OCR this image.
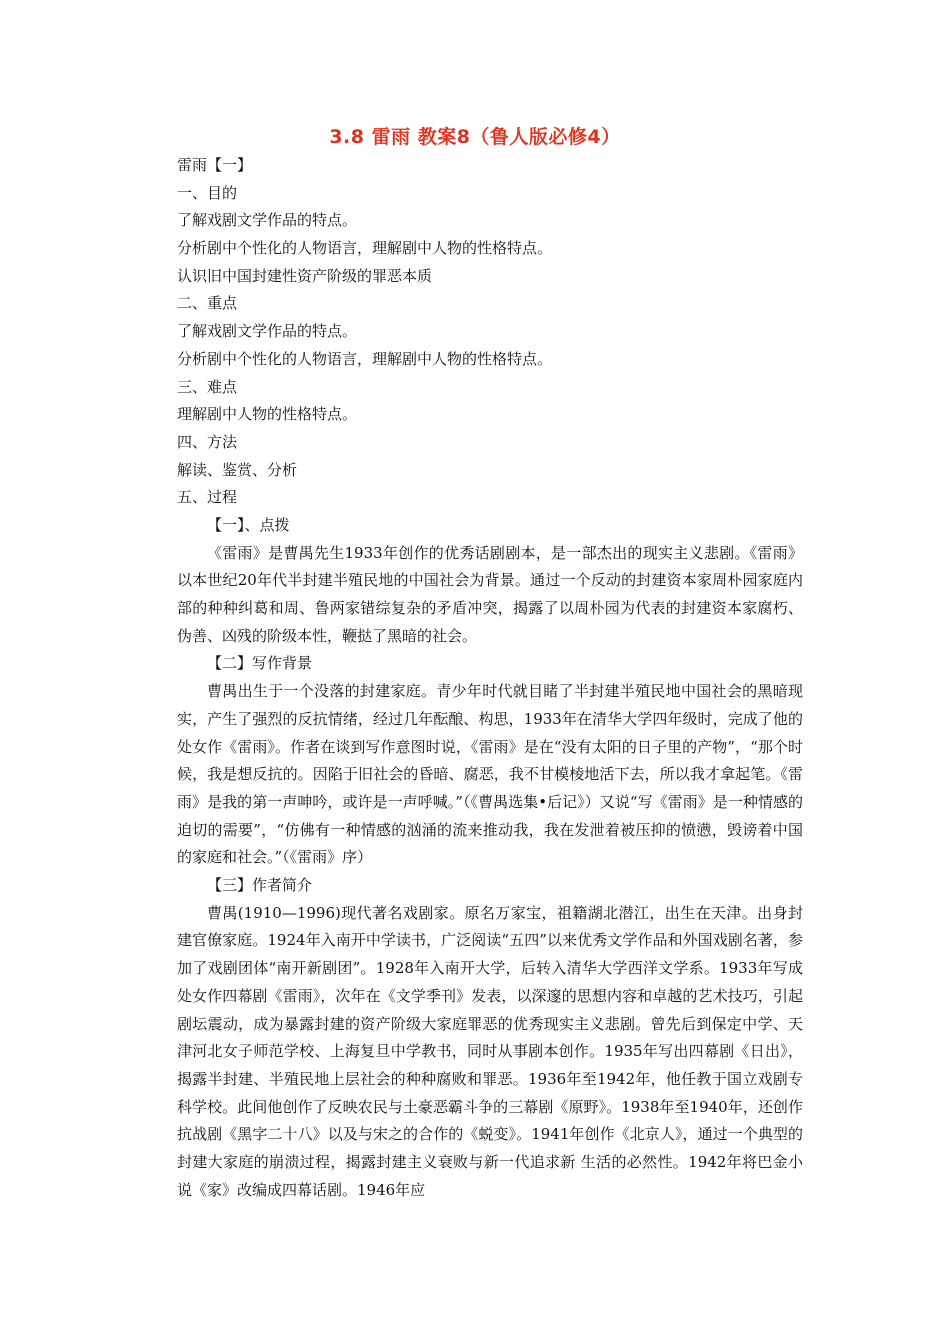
3.8 雷雨 教案8（鲁人版必修4）
雷雨【一】
一、目的
了解戏剧文学作品的特点。
分析剧中个性化的人物语言，理解剧中人物的性格特点。
认识旧中国封建性资产阶级的罪恶本质
二、重点
了解戏剧文学作品的特点。
分析剧中个性化的人物语言，理解剧中人物的性格特点。
三、难点
理解剧中人物的性格特点。
四、方法
解读、鉴赏、分析
五、过程
【一】、点拨
《雷雨》是曹禺先生1933年创作的优秀话剧剧本，是一部杰出的现实主义悲剧。《雷雨》以本世纪20年代半封建半殖民地的中国社会为背景。通过一个反动的封建资本家周朴园家庭内部的种种纠葛和周、鲁两家错综复杂的矛盾冲突，揭露了以周朴园为代表的封建资本家腐朽、伪善、凶残的阶级本性，鞭挞了黑暗的社会。
【二】写作背景
曹禺出生于一个没落的封建家庭。青少年时代就目睹了半封建半殖民地中国社会的黑暗现实，产生了强烈的反抗情绪，经过几年酝酿、构思，1933年在清华大学四年级时，完成了他的处女作《雷雨》。作者在谈到写作意图时说，《雷雨》是在“没有太阳的日子里的产物”，“那个时候，我是想反抗的。因陷于旧社会的昏暗、腐恶，我不甘模棱地活下去，所以我才拿起笔。《雷雨》是我的第一声呻吟，或许是一声呼喊。”（《曹禺选集•后记》）又说“写《雷雨》是一种情感的迫切的需要”，“仿佛有一种情感的汹涌的流来推动我，我在发泄着被压抑的愤懑，毁谤着中国的家庭和社会。”（《雷雨》序）
【三】作者简介
曹禺(1910—1996)现代著名戏剧家。原名万家宝，祖籍湖北潜江，出生在天津。出身封建官僚家庭。1924年入南开中学读书，广泛阅读“五四”以来优秀文学作品和外国戏剧名著，参加了戏剧团体“南开新剧团”。1928年入南开大学，后转入清华大学西洋文学系。1933年写成处女作四幕剧《雷雨》，次年在《文学季刊》发表，以深邃的思想内容和卓越的艺术技巧，引起剧坛震动，成为暴露封建的资产阶级大家庭罪恶的优秀现实主义悲剧。曾先后到保定中学、天津河北女子师范学校、上海复旦中学教书，同时从事剧本创作。1935年写出四幕剧《日出》，揭露半封建、半殖民地上层社会的种种腐败和罪恶。1936年至1942年，他任教于国立戏剧专科学校。此间他创作了反映农民与土豪恶霸斗争的三幕剧《原野》。1938年至1940年，还创作抗战剧《黑字二十八》以及与宋之的合作的《蜕变》。1941年创作《北京人》，通过一个典型的封建大家庭的崩溃过程，揭露封建主义衰败与新一代追求新 生活的必然性。1942年将巴金小说《家》改编成四幕话剧。1946年应
